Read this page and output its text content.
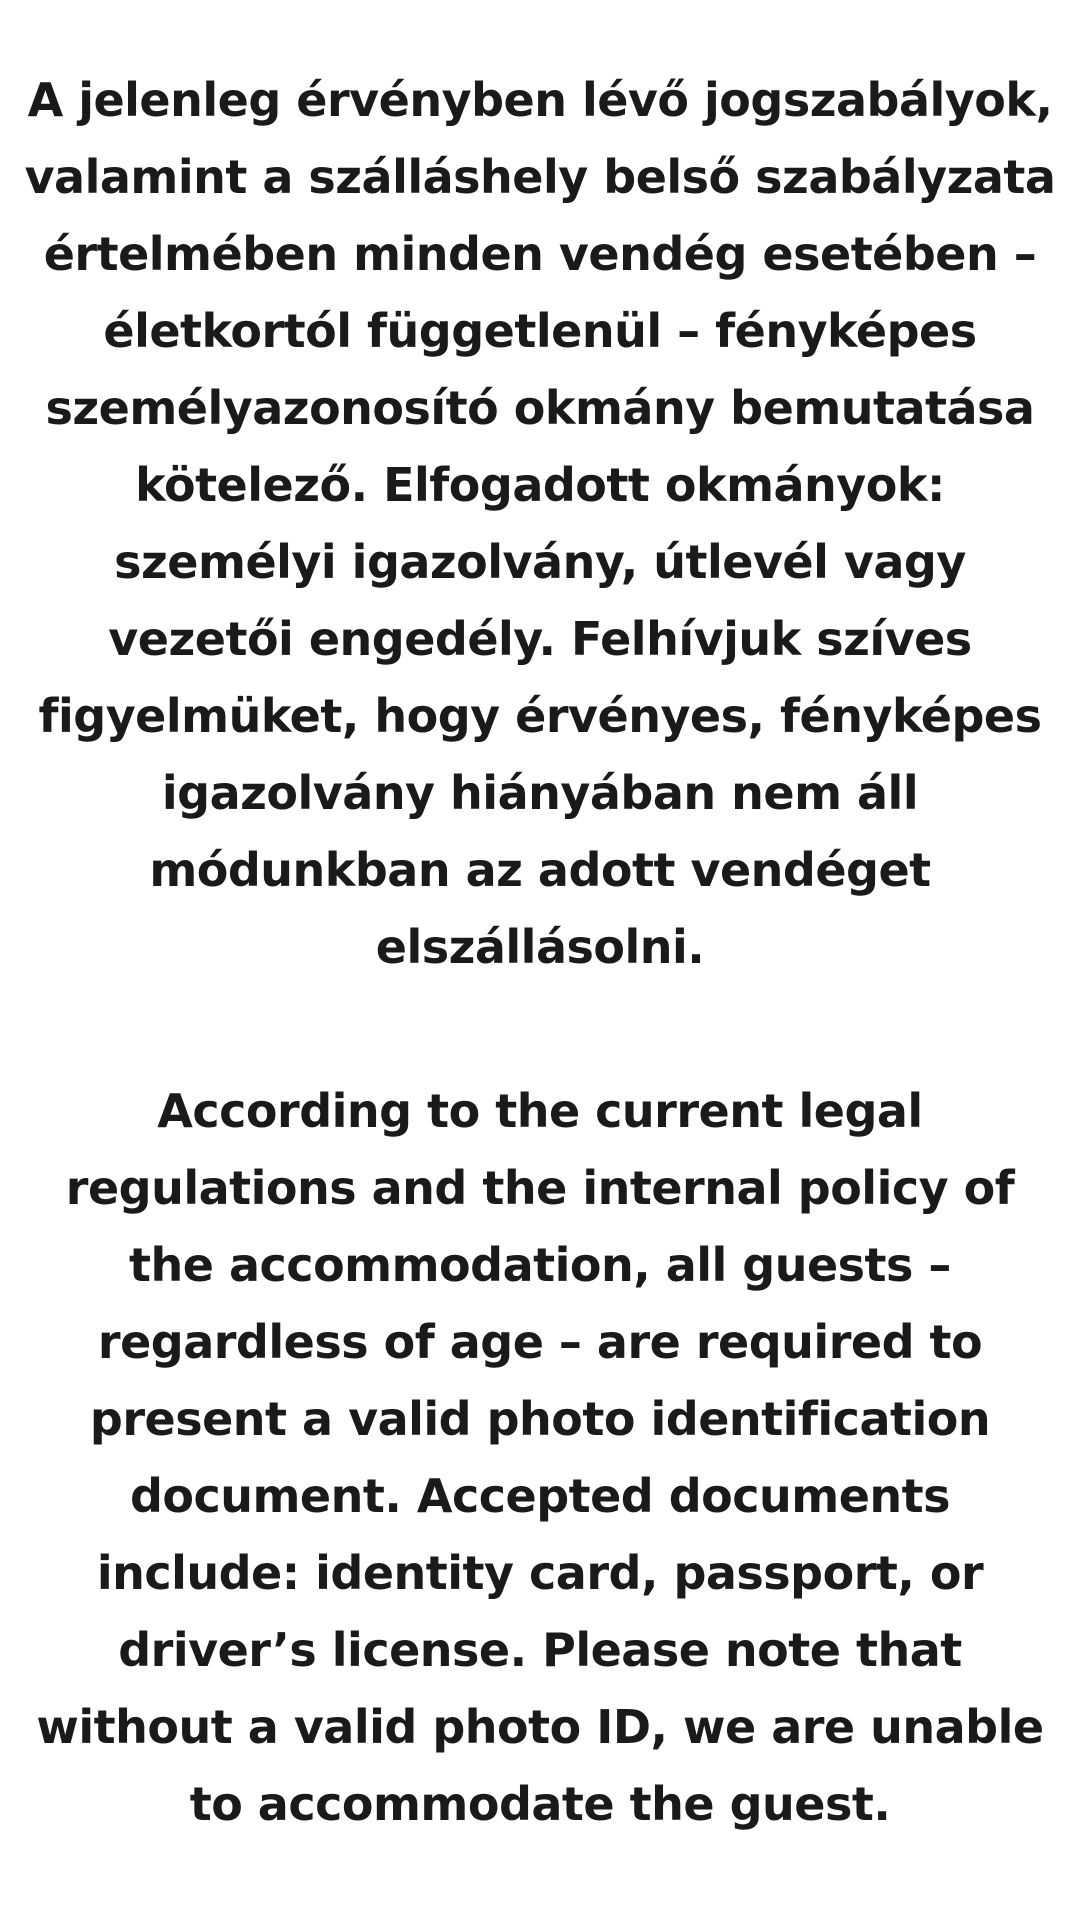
A jelenleg érvényben lévő jogszabályok,
valamint a szálláshely belső szabályzata
értelmében minden vendég esetében –
életkortól függetlenül – fényképes
személyazonosító okmány bemutatása
kötelező. Elfogadott okmányok:
személyi igazolvány, útlevél vagy
vezetői engedély. Felhívjuk szíves
figyelmüket, hogy érvényes, fényképes
igazolvány hiányában nem áll
módunkban az adott vendéget
elszállásolni.
According to the current legal
regulations and the internal policy of
the accommodation, all guests –
regardless of age – are required to
present a valid photo identification
document. Accepted documents
include: identity card, passport, or
driver’s license. Please note that
without a valid photo ID, we are unable
to accommodate the guest.
